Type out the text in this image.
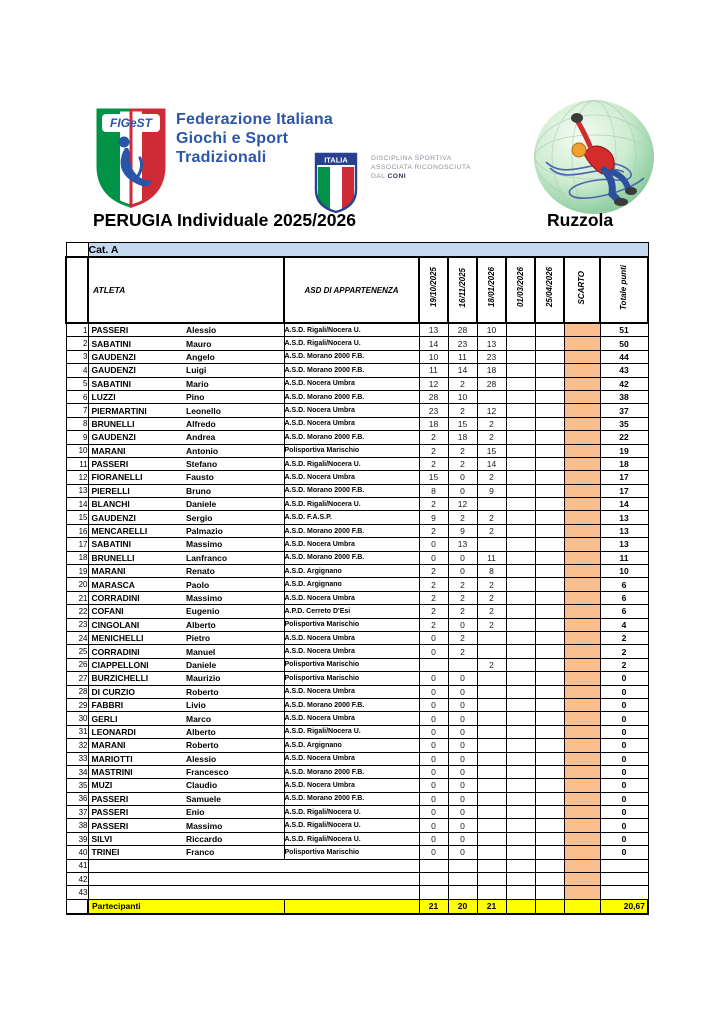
FIGeST Federazione Italiana
Giochi e Sport
Tradizionali	ITALIA	DISCIPLINA SPORTIVA
ASSOCIATA RICONOSCIUTA
DAL CONI
PERUGIA Individuale 2025/2026	Ruzzola
	Cat. A								
	ATLETA	ASD DI APPARTENENZA	19/10/2025	16/11/2025	18/01/2026	01/03/2026	25/04/2026	SCARTO	Totale punti
1	PASSERI Alessio	A.S.D. Rigali/Nocera U.	13	28	10				51
2	SABATINI Mauro	A.S.D. Rigali/Nocera U.	14	23	13				50
3	GAUDENZI Angelo	A.S.D. Morano 2000 F.B.	10	11	23				44
4	GAUDENZI Luigi	A.S.D. Morano 2000 F.B.	11	14	18				43
5	SABATINI Mario	A.S.D. Nocera Umbra	12	2	28				42
6	LUZZI Pino	A.S.D. Morano 2000 F.B.	28	10					38
7	PIERMARTINI Leonello	A.S.D. Nocera Umbra	23	2	12				37
8	BRUNELLI Alfredo	A.S.D. Nocera Umbra	18	15	2				35
9	GAUDENZI Andrea	A.S.D. Morano 2000 F.B.	2	18	2				22
10	MARANI Antonio	Polisportiva Marischio	2	2	15				19
11	PASSERI Stefano	A.S.D. Rigali/Nocera U.	2	2	14				18
12	FIORANELLI Fausto	A.S.D. Nocera Umbra	15	0	2				17
13	PIERELLI Bruno	A.S.D. Morano 2000 F.B.	8	0	9				17
14	BLANCHI Daniele	A.S.D. Rigali/Nocera U.	2	12					14
15	GAUDENZI Sergio	A.S.D. F.A.S.P.	9	2	2				13
16	MENCARELLI Palmazio	A.S.D. Morano 2000 F.B.	2	9	2				13
17	SABATINI Massimo	A.S.D. Nocera Umbra	0	13					13
18	BRUNELLI Lanfranco	A.S.D. Morano 2000 F.B.	0	0	11				11
19	MARANI Renato	A.S.D. Argignano	2	0	8				10
20	MARASCA Paolo	A.S.D. Argignano	2	2	2				6
21	CORRADINI Massimo	A.S.D. Nocera Umbra	2	2	2				6
22	COFANI Eugenio	A.P.D. Cerreto D'Esi	2	2	2				6
23	CINGOLANI Alberto	Polisportiva Marischio	2	0	2				4
24	MENICHELLI Pietro	A.S.D. Nocera Umbra	0	2					2
25	CORRADINI Manuel	A.S.D. Nocera Umbra	0	2					2
26	CIAPPELLONI Daniele	Polisportiva Marischio			2				2
27	BURZICHELLI Maurizio	Polisportiva Marischio	0	0					0
28	DI CURZIO Roberto	A.S.D. Nocera Umbra	0	0					0
29	FABBRI Livio	A.S.D. Morano 2000 F.B.	0	0					0
30	GERLI Marco	A.S.D. Nocera Umbra	0	0					0
31	LEONARDI Alberto	A.S.D. Rigali/Nocera U.	0	0					0
32	MARANI Roberto	A.S.D. Argignano	0	0					0
33	MARIOTTI Alessio	A.S.D. Nocera Umbra	0	0					0
34	MASTRINI Francesco	A.S.D. Morano 2000 F.B.	0	0					0
35	MUZI Claudio	A.S.D. Nocera Umbra	0	0					0
36	PASSERI Samuele	A.S.D. Morano 2000 F.B.	0	0					0
37	PASSERI Enio	A.S.D. Rigali/Nocera U.	0	0					0
38	PASSERI Massimo	A.S.D. Rigali/Nocera U.	0	0					0
39	SILVI Riccardo	A.S.D. Rigali/Nocera U.	0	0					0
40	TRINEI Franco	Polisportiva Marischio	0	0					0
41									
42									
43									
	Partecipanti		21	20	21				20,67
